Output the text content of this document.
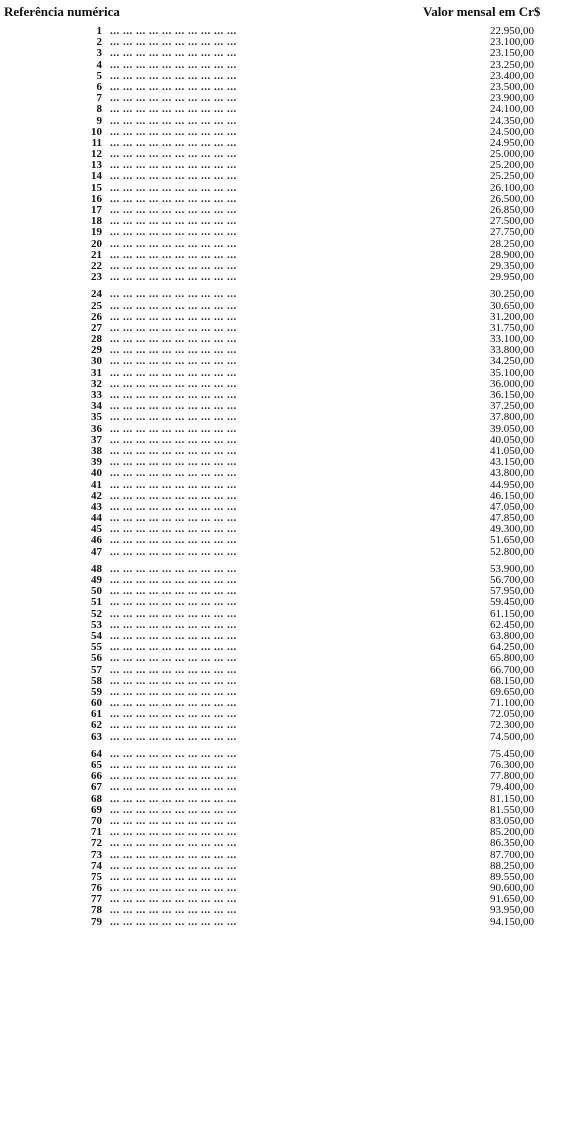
Referência numérica	Valor mensal em Cr$
1 ... ... ... ... ... ... ... ... ... ...	22.950,00
2 ... ... ... ... ... ... ... ... ... ...	23.100,00
3 ... ... ... ... ... ... ... ... ... ...	23.150,00
4 ... ... ... ... ... ... ... ... ... ...	23.250,00
5 ... ... ... ... ... ... ... ... ... ...	23.400,00
6 ... ... ... ... ... ... ... ... ... ...	23.500,00
7 ... ... ... ... ... ... ... ... ... ...	23.900,00
8 ... ... ... ... ... ... ... ... ... ...	24.100,00
9 ... ... ... ... ... ... ... ... ... ...	24.350,00
10 ... ... ... ... ... ... ... ... ... ...	24.500,00
11 ... ... ... ... ... ... ... ... ... ...	24.950,00
12 ... ... ... ... ... ... ... ... ... ...	25.000,00
13 ... ... ... ... ... ... ... ... ... ...	25.200,00
14 ... ... ... ... ... ... ... ... ... ...	25.250,00
15 ... ... ... ... ... ... ... ... ... ...	26.100,00
16 ... ... ... ... ... ... ... ... ... ...	26.500,00
17 ... ... ... ... ... ... ... ... ... ...	26.850,00
18 ... ... ... ... ... ... ... ... ... ...	27.500,00
19 ... ... ... ... ... ... ... ... ... ...	27.750,00
20 ... ... ... ... ... ... ... ... ... ...	28.250,00
21 ... ... ... ... ... ... ... ... ... ...	28.900,00
22 ... ... ... ... ... ... ... ... ... ...	29.350,00
23 ... ... ... ... ... ... ... ... ... ...	29.950,00
24 ... ... ... ... ... ... ... ... ... ...	30.250,00
25 ... ... ... ... ... ... ... ... ... ...	30.650,00
26 ... ... ... ... ... ... ... ... ... ...	31.200,00
27 ... ... ... ... ... ... ... ... ... ...	31.750,00
28 ... ... ... ... ... ... ... ... ... ...	33.100,00
29 ... ... ... ... ... ... ... ... ... ...	33.800,00
30 ... ... ... ... ... ... ... ... ... ...	34.250,00
31 ... ... ... ... ... ... ... ... ... ...	35.100,00
32 ... ... ... ... ... ... ... ... ... ...	36.000,00
33 ... ... ... ... ... ... ... ... ... ...	36.150,00
34 ... ... ... ... ... ... ... ... ... ...	37.250,00
35 ... ... ... ... ... ... ... ... ... ...	37.800,00
36 ... ... ... ... ... ... ... ... ... ...	39.050,00
37 ... ... ... ... ... ... ... ... ... ...	40.050,00
38 ... ... ... ... ... ... ... ... ... ...	41.050,00
39 ... ... ... ... ... ... ... ... ... ...	43.150,00
40 ... ... ... ... ... ... ... ... ... ...	43.800,00
41 ... ... ... ... ... ... ... ... ... ...	44.950,00
42 ... ... ... ... ... ... ... ... ... ...	46.150,00
43 ... ... ... ... ... ... ... ... ... ...	47.050,00
44 ... ... ... ... ... ... ... ... ... ...	47.850,00
45 ... ... ... ... ... ... ... ... ... ...	49.300,00
46 ... ... ... ... ... ... ... ... ... ...	51.650,00
47 ... ... ... ... ... ... ... ... ... ...	52.800,00
48 ... ... ... ... ... ... ... ... ... ...	53.900,00
49 ... ... ... ... ... ... ... ... ... ...	56.700,00
50 ... ... ... ... ... ... ... ... ... ...	57.950,00
51 ... ... ... ... ... ... ... ... ... ...	59.450,00
52 ... ... ... ... ... ... ... ... ... ...	61.150,00
53 ... ... ... ... ... ... ... ... ... ...	62.450,00
54 ... ... ... ... ... ... ... ... ... ...	63.800,00
55 ... ... ... ... ... ... ... ... ... ...	64.250,00
56 ... ... ... ... ... ... ... ... ... ...	65.800,00
57 ... ... ... ... ... ... ... ... ... ...	66.700,00
58 ... ... ... ... ... ... ... ... ... ...	68.150,00
59 ... ... ... ... ... ... ... ... ... ...	69.650,00
60 ... ... ... ... ... ... ... ... ... ...	71.100,00
61 ... ... ... ... ... ... ... ... ... ...	72.050,00
62 ... ... ... ... ... ... ... ... ... ...	72.300,00
63 ... ... ... ... ... ... ... ... ... ...	74.500,00
64 ... ... ... ... ... ... ... ... ... ...	75.450,00
65 ... ... ... ... ... ... ... ... ... ...	76.300,00
66 ... ... ... ... ... ... ... ... ... ...	77.800,00
67 ... ... ... ... ... ... ... ... ... ...	79.400,00
68 ... ... ... ... ... ... ... ... ... ...	81.150,00
69 ... ... ... ... ... ... ... ... ... ...	81.550,00
70 ... ... ... ... ... ... ... ... ... ...	83.050,00
71 ... ... ... ... ... ... ... ... ... ...	85.200,00
72 ... ... ... ... ... ... ... ... ... ...	86.350,00
73 ... ... ... ... ... ... ... ... ... ...	87.700,00
74 ... ... ... ... ... ... ... ... ... ...	88.250,00
75 ... ... ... ... ... ... ... ... ... ...	89.550,00
76 ... ... ... ... ... ... ... ... ... ...	90.600,00
77 ... ... ... ... ... ... ... ... ... ...	91.650,00
78 ... ... ... ... ... ... ... ... ... ...	93.950,00
79 ... ... ... ... ... ... ... ... ... ...	94.150,00
